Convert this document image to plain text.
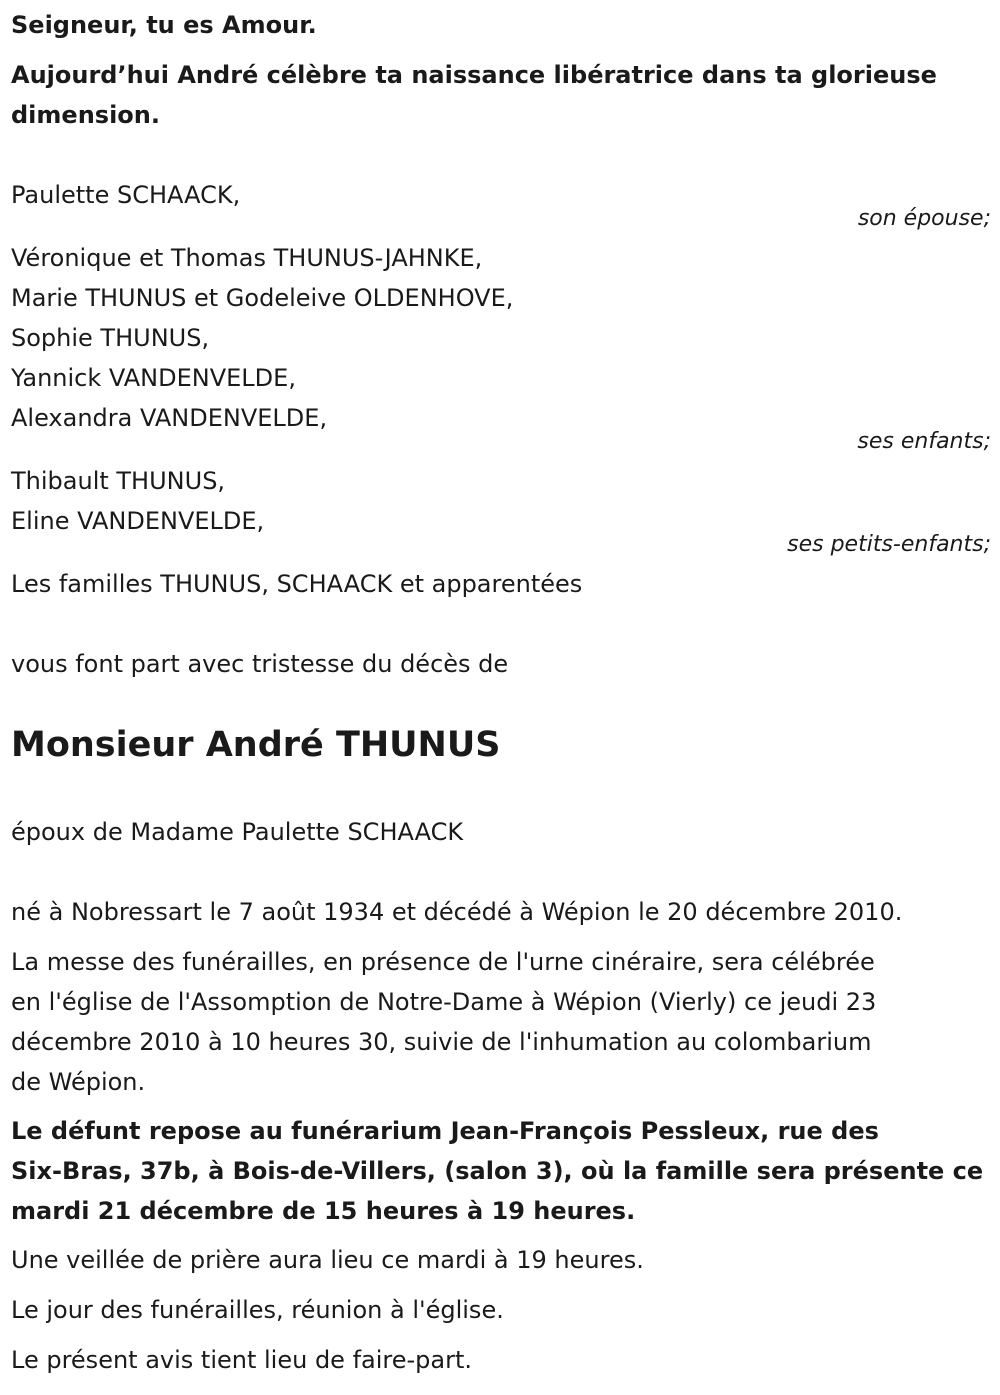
Seigneur, tu es Amour.
Aujourd’hui André célèbre ta naissance libératrice dans ta glorieuse
dimension.
Paulette SCHAACK,
son épouse;
Véronique et Thomas THUNUS-JAHNKE,
Marie THUNUS et Godeleive OLDENHOVE,
Sophie THUNUS,
Yannick VANDENVELDE,
Alexandra VANDENVELDE,
ses enfants;
Thibault THUNUS,
Eline VANDENVELDE,
ses petits-enfants;
Les familles THUNUS, SCHAACK et apparentées
vous font part avec tristesse du décès de
Monsieur André THUNUS
époux de Madame Paulette SCHAACK
né à Nobressart le 7 août 1934 et décédé à Wépion le 20 décembre 2010.
La messe des funérailles, en présence de l'urne cinéraire, sera célébrée
en l'église de l'Assomption de Notre-Dame à Wépion (Vierly) ce jeudi 23
décembre 2010 à 10 heures 30, suivie de l'inhumation au colombarium
de Wépion.
Le défunt repose au funérarium Jean-François Pessleux, rue des
Six-Bras, 37b, à Bois-de-Villers, (salon 3), où la famille sera présente ce
mardi 21 décembre de 15 heures à 19 heures.
Une veillée de prière aura lieu ce mardi à 19 heures.
Le jour des funérailles, réunion à l'église.
Le présent avis tient lieu de faire-part.
